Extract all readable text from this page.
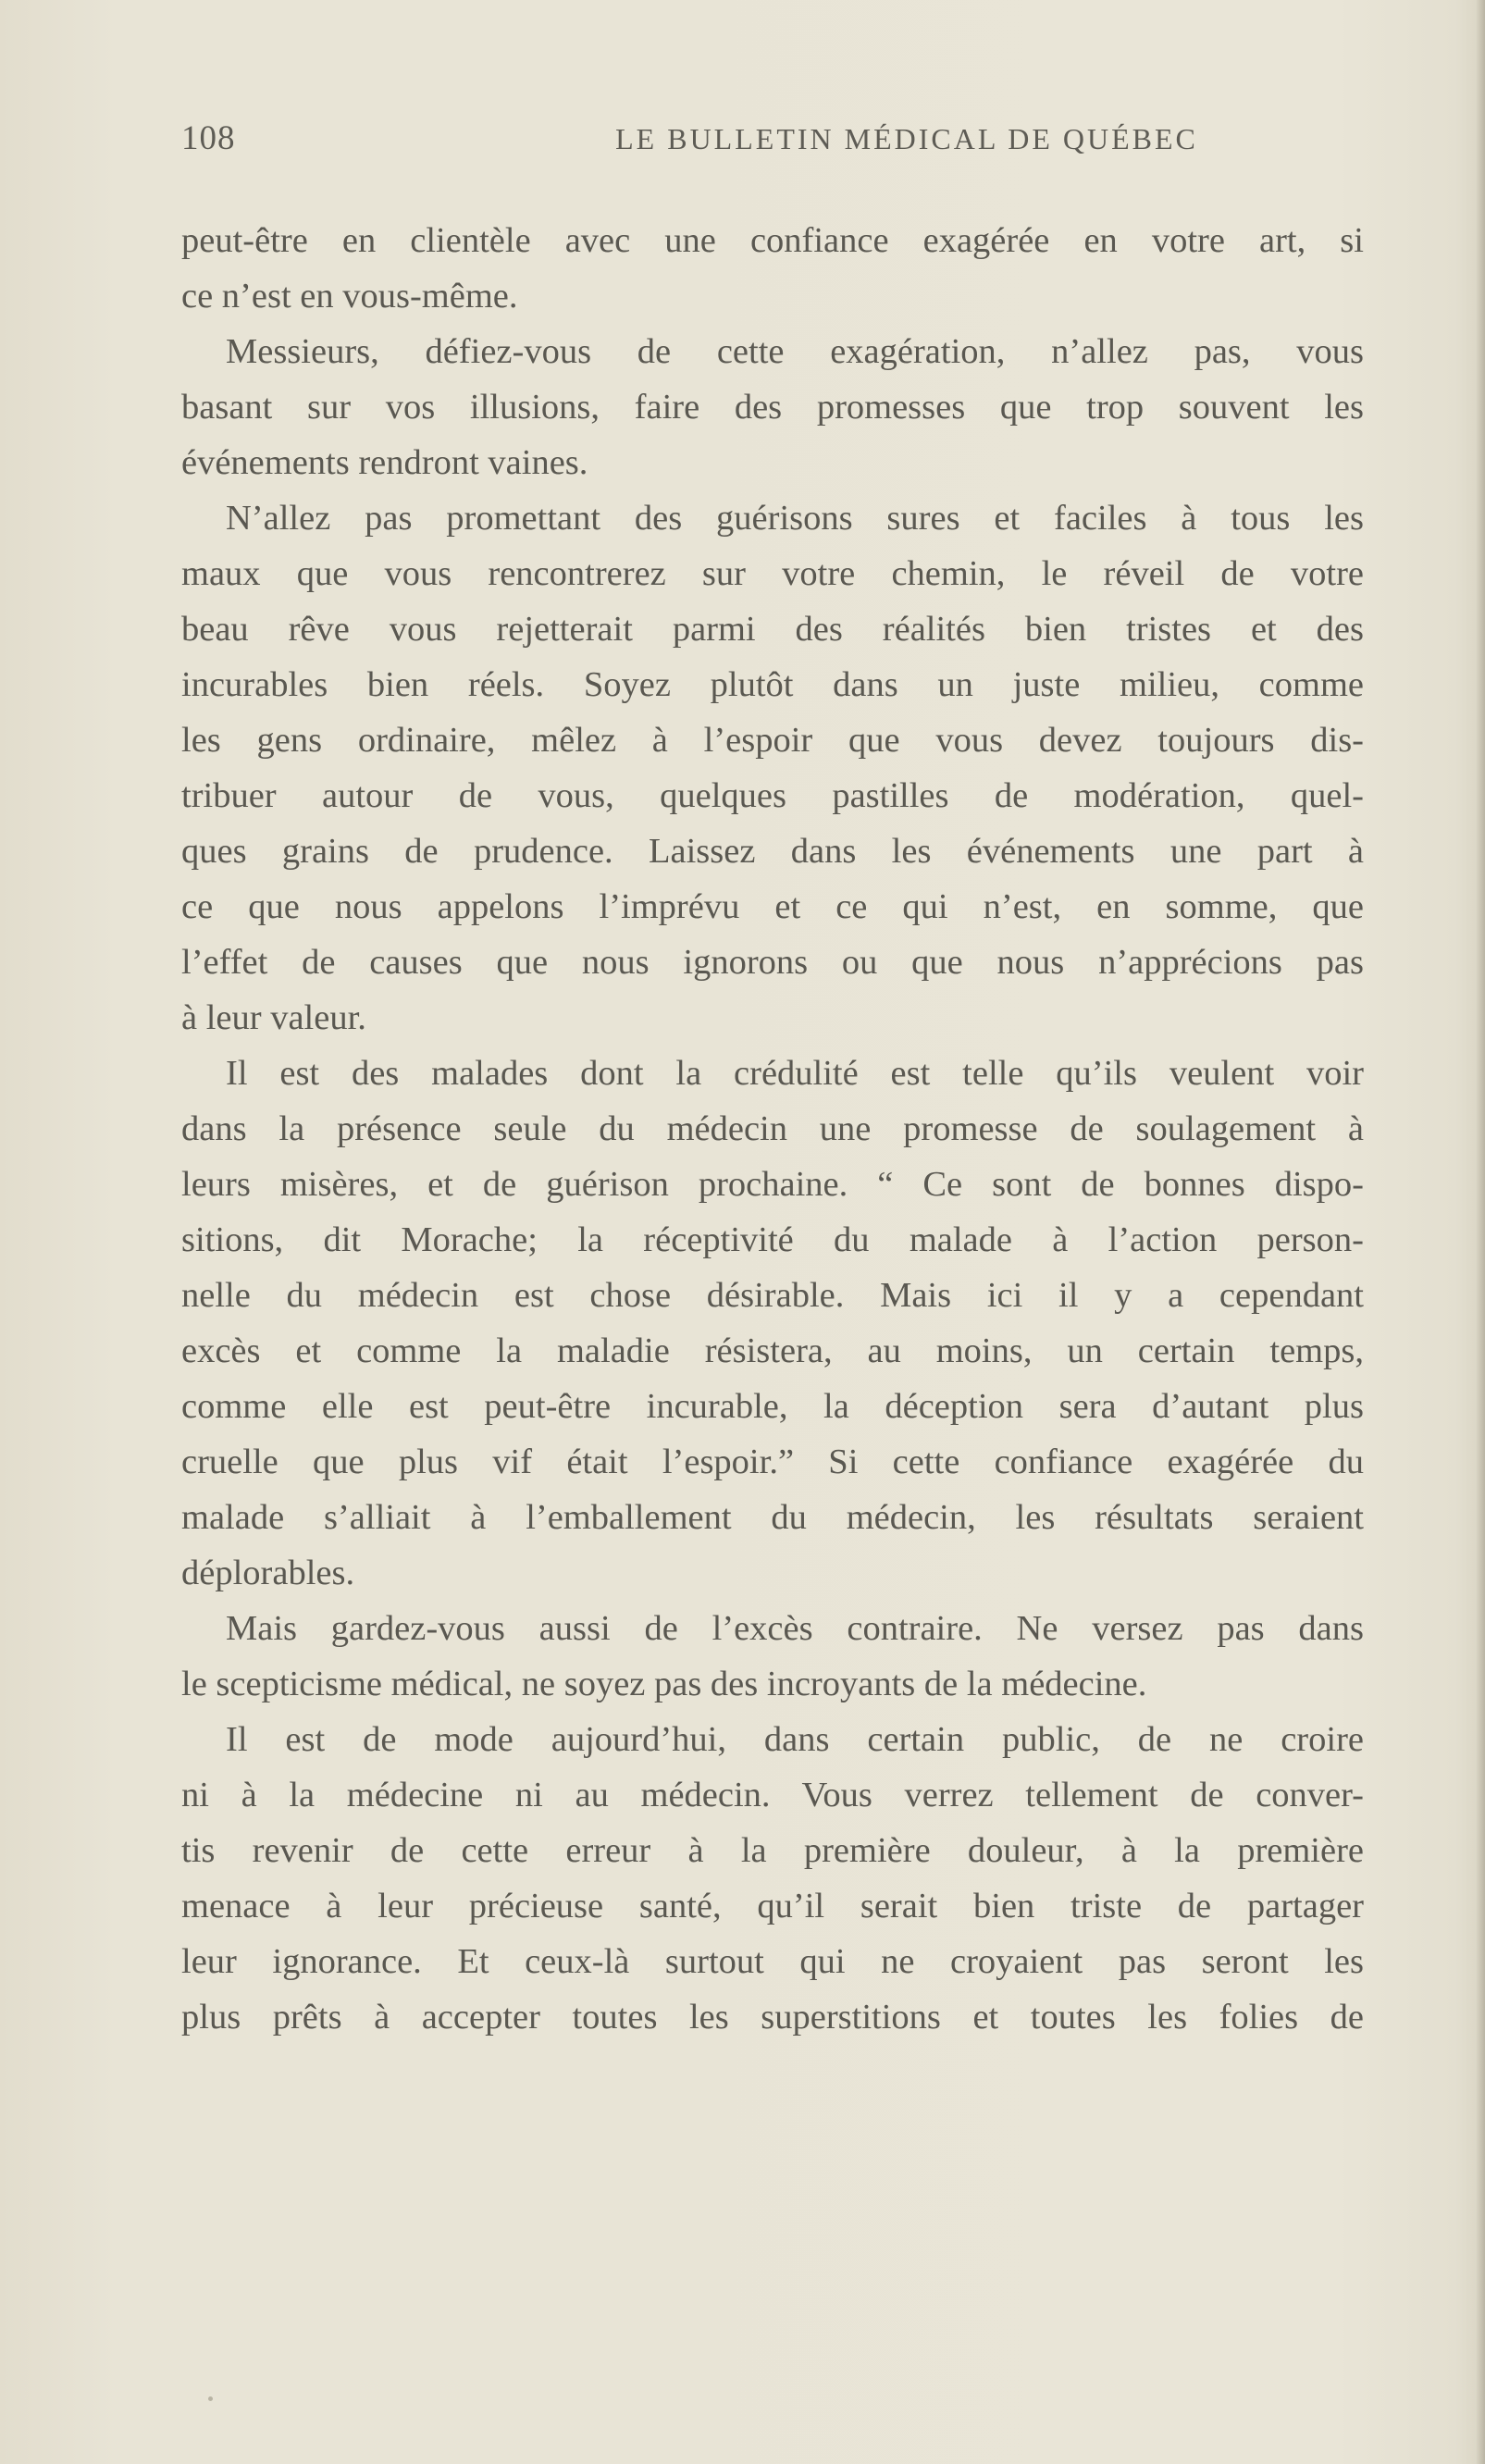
108	LE BULLETIN MÉDICAL DE QUÉBEC
peut-être en clientèle avec une confiance exagérée en votre art, si
ce n’est en vous-même.
Messieurs, défiez-vous de cette exagération, n’allez pas, vous
basant sur vos illusions, faire des promesses que trop souvent les
événements rendront vaines.
N’allez pas promettant des guérisons sures et faciles à tous les
maux que vous rencontrerez sur votre chemin, le réveil de votre
beau rêve vous rejetterait parmi des réalités bien tristes et des
incurables bien réels. Soyez plutôt dans un juste milieu, comme
les gens ordinaire, mêlez à l’espoir que vous devez toujours dis-
tribuer autour de vous, quelques pastilles de modération, quel-
ques grains de prudence. Laissez dans les événements une part à
ce que nous appelons l’imprévu et ce qui n’est, en somme, que
l’effet de causes que nous ignorons ou que nous n’apprécions pas
à leur valeur.
Il est des malades dont la crédulité est telle qu’ils veulent voir
dans la présence seule du médecin une promesse de soulagement à
leurs misères, et de guérison prochaine. “ Ce sont de bonnes dispo-
sitions, dit Morache; la réceptivité du malade à l’action person-
nelle du médecin est chose désirable. Mais ici il y a cependant
excès et comme la maladie résistera, au moins, un certain temps,
comme elle est peut-être incurable, la déception sera d’autant plus
cruelle que plus vif était l’espoir.” Si cette confiance exagérée du
malade s’alliait à l’emballement du médecin, les résultats seraient
déplorables.
Mais gardez-vous aussi de l’excès contraire. Ne versez pas dans
le scepticisme médical, ne soyez pas des incroyants de la médecine.
Il est de mode aujourd’hui, dans certain public, de ne croire
ni à la médecine ni au médecin. Vous verrez tellement de conver-
tis revenir de cette erreur à la première douleur, à la première
menace à leur précieuse santé, qu’il serait bien triste de partager
leur ignorance. Et ceux-là surtout qui ne croyaient pas seront les
plus prêts à accepter toutes les superstitions et toutes les folies de
